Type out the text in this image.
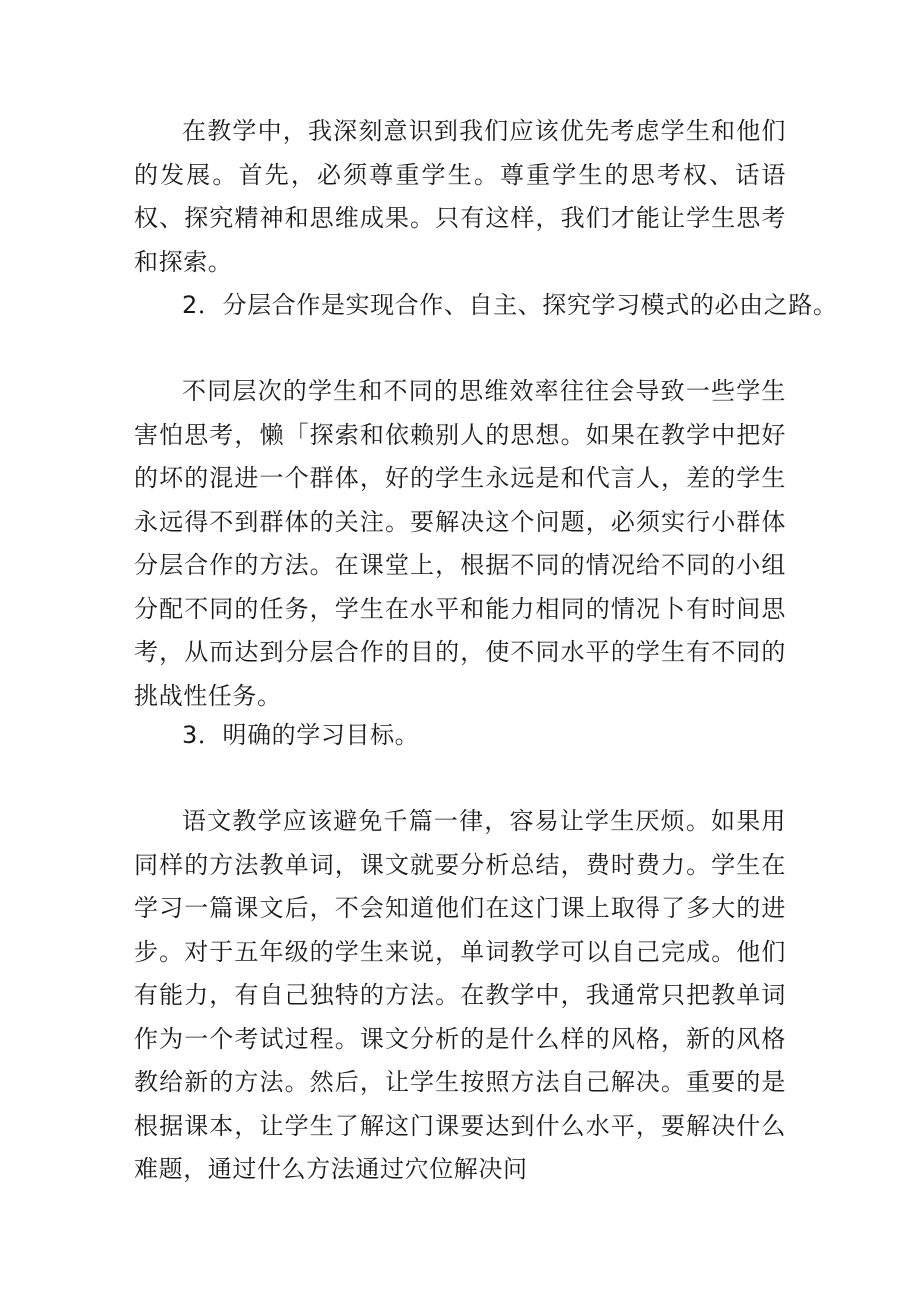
在教学中，我深刻意识到我们应该优先考虑学生和他们的发展。首先，必须尊重学生。尊重学生的思考权、话语权、探究精神和思维成果。只有这样，我们才能让学生思考和探索。

2．分层合作是实现合作、自主、探究学习模式的必由之路。

不同层次的学生和不同的思维效率往往会导致一些学生害怕思考，懒「探索和依赖别人的思想。如果在教学中把好的坏的混进一个群体，好的学生永远是和代言人，差的学生永远得不到群体的关注。要解决这个问题，必须实行小群体分层合作的方法。在课堂上，根据不同的情况给不同的小组分配不同的任务，学生在水平和能力相同的情况卜有时间思考，从而达到分层合作的目的，使不同水平的学生有不同的挑战性任务。

3．明确的学习目标。

语文教学应该避免千篇一律，容易让学生厌烦。如果用同样的方法教单词，课文就要分析总结，费时费力。学生在学习一篇课文后，不会知道他们在这门课上取得了多大的进步。对于五年级的学生来说，单词教学可以自己完成。他们有能力，有自己独特的方法。在教学中，我通常只把教单词作为一个考试过程。课文分析的是什么样的风格，新的风格教给新的方法。然后，让学生按照方法自己解决。重要的是根据课本，让学生了解这门课要达到什么水平，要解决什么难题，通过什么方法通过穴位解决问
